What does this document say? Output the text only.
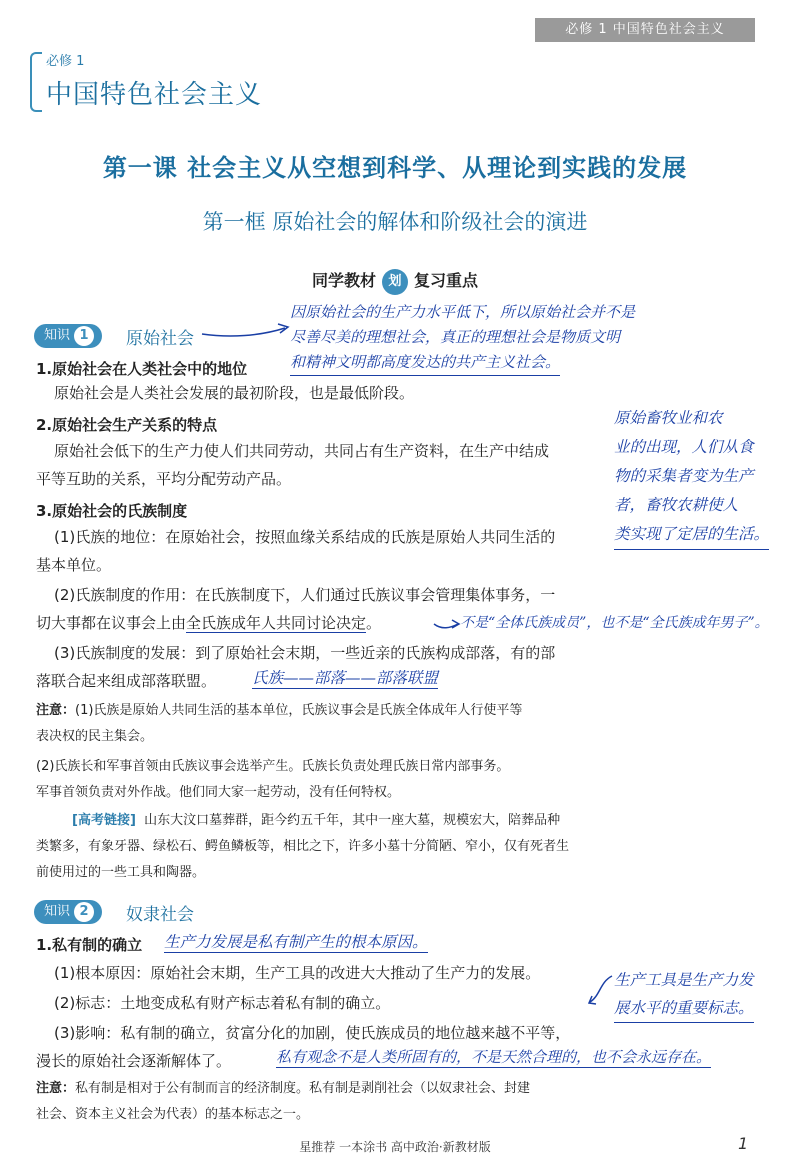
必修 1 中国特色社会主义
必修 1
中国特色社会主义
第一课 社会主义从空想到科学、从理论到实践的发展
第一框 原始社会的解体和阶级社会的演进
同学教材 划 复习重点
知识 1	原始社会
因原始社会的生产力水平低下，所以原始社会并不是
尽善尽美的理想社会，真正的理想社会是物质文明
和精神文明都高度发达的共产主义社会。
1.原始社会在人类社会中的地位
原始社会是人类社会发展的最初阶段，也是最低阶段。
2.原始社会生产关系的特点
原始社会低下的生产力使人们共同劳动，共同占有生产资料，在生产中结成
平等互助的关系，平均分配劳动产品。
原始畜牧业和农
业的出现，人们从食
物的采集者变为生产
者，畜牧农耕使人
类实现了定居的生活。
3.原始社会的氏族制度
(1)氏族的地位：在原始社会，按照血缘关系结成的氏族是原始人共同生活的
基本单位。
(2)氏族制度的作用：在氏族制度下，人们通过氏族议事会管理集体事务，一
切大事都在议事会上由全氏族成年人共同讨论决定。	不是“全体氏族成员”，也不是“全氏族成年男子”。
(3)氏族制度的发展：到了原始社会末期，一些近亲的氏族构成部落，有的部
落联合起来组成部落联盟。 氏族——部落——部落联盟
注意：(1)氏族是原始人共同生活的基本单位，氏族议事会是氏族全体成年人行使平等
表决权的民主集会。
(2)氏族长和军事首领由氏族议事会选举产生。氏族长负责处理氏族日常内部事务。
军事首领负责对外作战。他们同大家一起劳动，没有任何特权。
[高考链接] 山东大汶口墓葬群，距今约五千年，其中一座大墓，规模宏大，陪葬品种
类繁多，有象牙器、绿松石、鳄鱼鳞板等，相比之下，许多小墓十分简陋、窄小，仅有死者生
前使用过的一些工具和陶器。
知识 2	奴隶社会
1.私有制的确立 生产力发展是私有制产生的根本原因。
(1)根本原因：原始社会末期，生产工具的改进大大推动了生产力的发展。
(2)标志：土地变成私有财产标志着私有制的确立。
生产工具是生产力发
展水平的重要标志。
(3)影响：私有制的确立，贫富分化的加剧，使氏族成员的地位越来越不平等，
漫长的原始社会逐渐解体了。	私有观念不是人类所固有的，不是天然合理的，也不会永远存在。
注意：私有制是相对于公有制而言的经济制度。私有制是剥削社会（以奴隶社会、封建
社会、资本主义社会为代表）的基本标志之一。
星推荐 一本涂书 高中政治·新教材版	1
